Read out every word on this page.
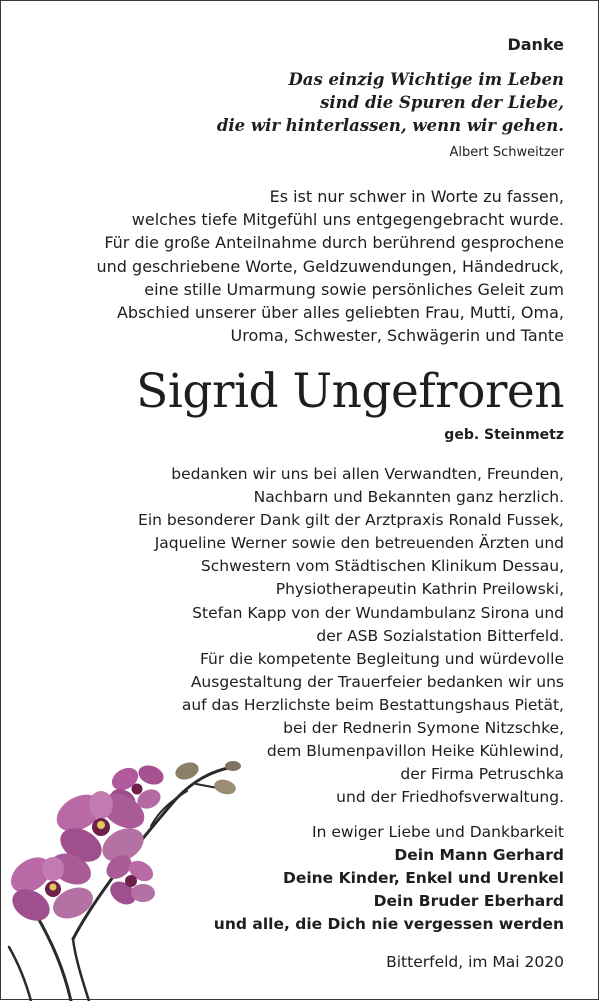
Danke
Das einzig Wichtige im Leben
sind die Spuren der Liebe,
die wir hinterlassen, wenn wir gehen.
Albert Schweitzer
Es ist nur schwer in Worte zu fassen,
welches tiefe Mitgefühl uns entgegengebracht wurde.
Für die große Anteilnahme durch berührend gesprochene
und geschriebene Worte, Geldzuwendungen, Händedruck,
eine stille Umarmung sowie persönliches Geleit zum
Abschied unserer über alles geliebten Frau, Mutti, Oma,
Uroma, Schwester, Schwägerin und Tante
Sigrid Ungefroren
geb. Steinmetz
bedanken wir uns bei allen Verwandten, Freunden,
Nachbarn und Bekannten ganz herzlich.
Ein besonderer Dank gilt der Arztpraxis Ronald Fussek,
Jaqueline Werner sowie den betreuenden Ärzten und
Schwestern vom Städtischen Klinikum Dessau,
Physiotherapeutin Kathrin Preilowski,
Stefan Kapp von der Wundambulanz Sirona und
der ASB Sozialstation Bitterfeld.
Für die kompetente Begleitung und würdevolle
Ausgestaltung der Trauerfeier bedanken wir uns
auf das Herzlichste beim Bestattungshaus Pietät,
bei der Rednerin Symone Nitzschke,
dem Blumenpavillon Heike Kühlewind,
der Firma Petruschka
und der Friedhofsverwaltung.
In ewiger Liebe und Dankbarkeit
Dein Mann Gerhard
Deine Kinder, Enkel und Urenkel
Dein Bruder Eberhard
und alle, die Dich nie vergessen werden
Bitterfeld, im Mai 2020
